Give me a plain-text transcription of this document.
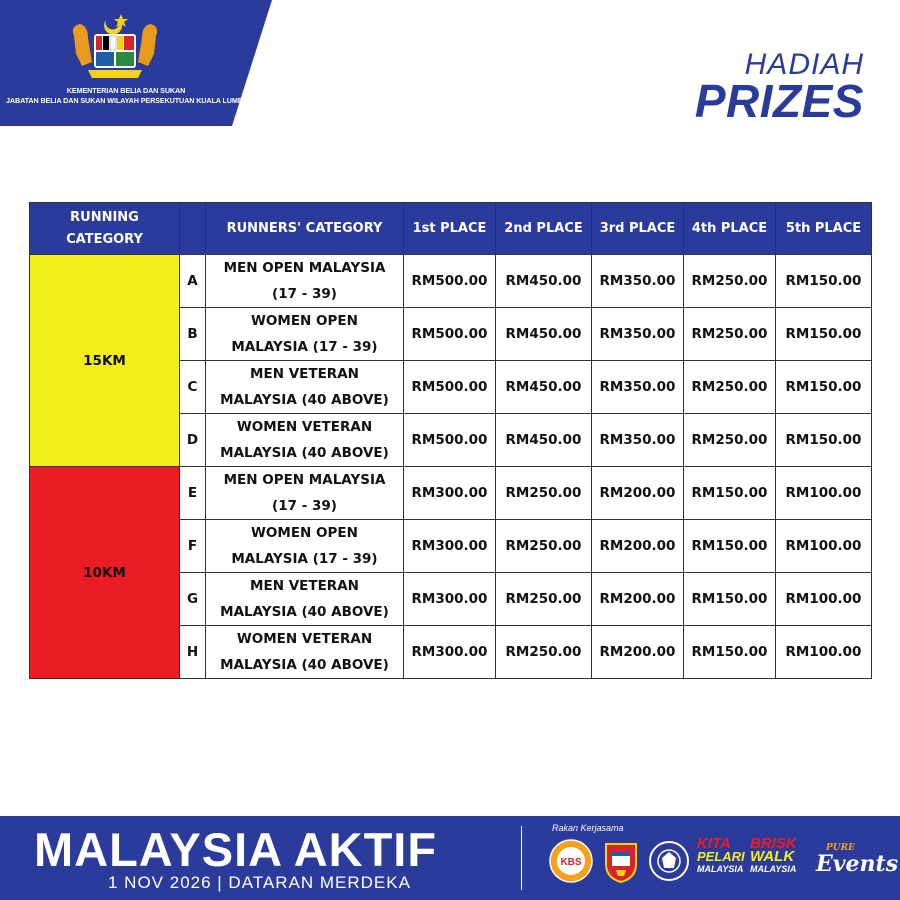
KEMENTERIAN BELIA DAN SUKAN
JABATAN BELIA DAN SUKAN WILAYAH PERSEKUTUAN KUALA LUMPUR
HADIAH
PRIZES
RUNNING CATEGORY		RUNNERS' CATEGORY	1st PLACE	2nd PLACE	3rd PLACE	4th PLACE	5th PLACE
15KM	A	MEN OPEN MALAYSIA
(17 - 39)	RM500.00	RM450.00	RM350.00	RM250.00	RM150.00
	B	WOMEN OPEN
MALAYSIA (17 - 39)	RM500.00	RM450.00	RM350.00	RM250.00	RM150.00
	C	MEN VETERAN
MALAYSIA (40 ABOVE)	RM500.00	RM450.00	RM350.00	RM250.00	RM150.00
	D	WOMEN VETERAN
MALAYSIA (40 ABOVE)	RM500.00	RM450.00	RM350.00	RM250.00	RM150.00
10KM	E	MEN OPEN MALAYSIA
(17 - 39)	RM300.00	RM250.00	RM200.00	RM150.00	RM100.00
	F	WOMEN OPEN
MALAYSIA (17 - 39)	RM300.00	RM250.00	RM200.00	RM150.00	RM100.00
	G	MEN VETERAN
MALAYSIA (40 ABOVE)	RM300.00	RM250.00	RM200.00	RM150.00	RM100.00
	H	WOMEN VETERAN
MALAYSIA (40 ABOVE)	RM300.00	RM250.00	RM200.00	RM150.00	RM100.00
MALAYSIA AKTIF
1 NOV 2026 | DATARAN MERDEKA
Rakan Kerjasama
KBS
KITA
PELARI
MALAYSIA
BRISK
WALK
MALAYSIA
PURE
Events
